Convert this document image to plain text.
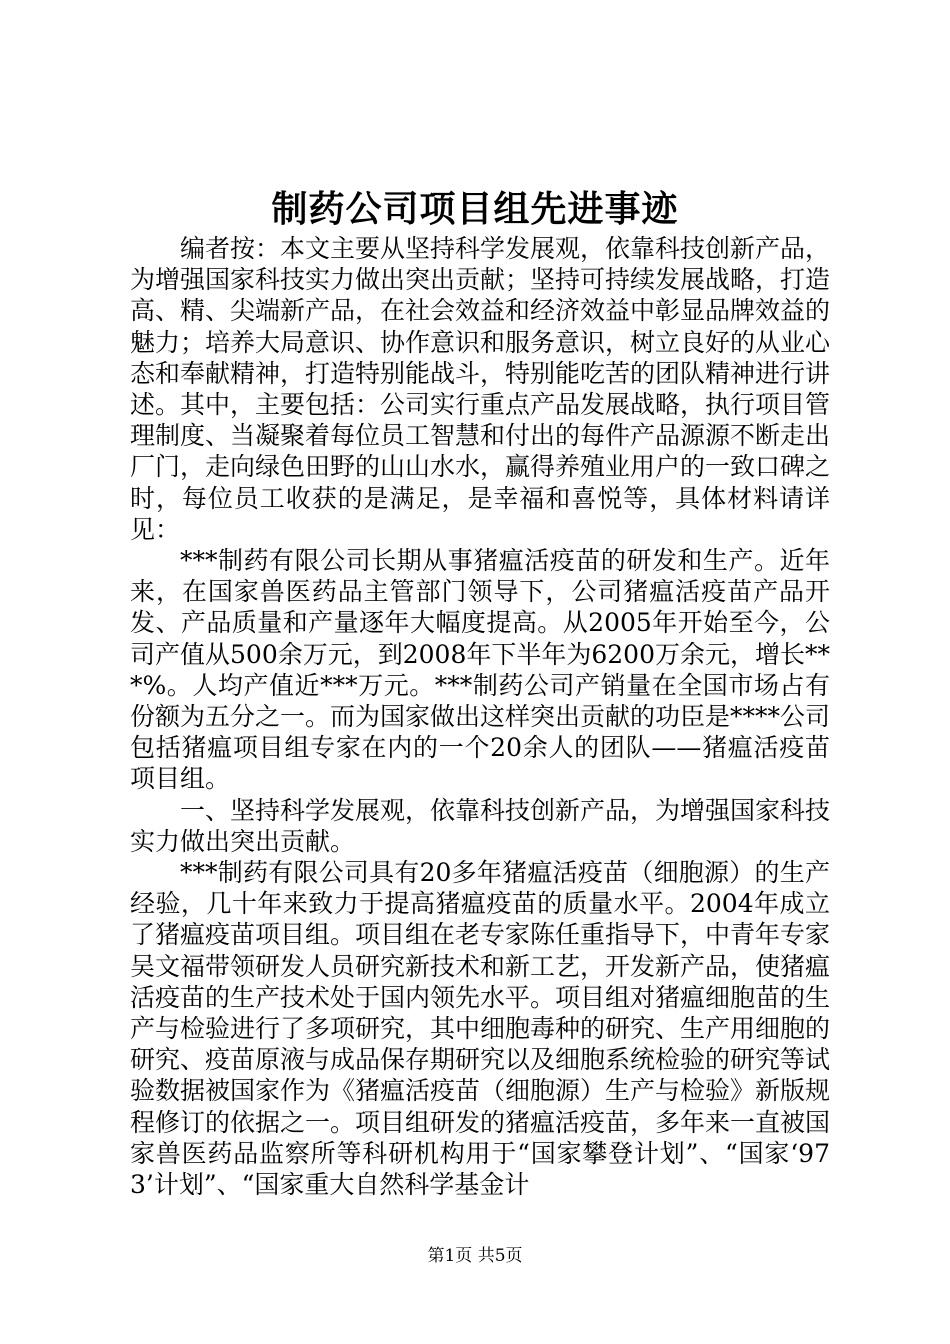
制药公司项目组先进事迹

编者按：本文主要从坚持科学发展观，依靠科技创新产品，为增强国家科技实力做出突出贡献；坚持可持续发展战略，打造高、精、尖端新产品，在社会效益和经济效益中彰显品牌效益的魅力；培养大局意识、协作意识和服务意识，树立良好的从业心态和奉献精神，打造特别能战斗，特别能吃苦的团队精神进行讲述。其中，主要包括：公司实行重点产品发展战略，执行项目管理制度、当凝聚着每位员工智慧和付出的每件产品源源不断走出厂门，走向绿色田野的山山水水，赢得养殖业用户的一致口碑之时，每位员工收获的是满足，是幸福和喜悦等，具体材料请详见：

***制药有限公司长期从事猪瘟活疫苗的研发和生产。近年来，在国家兽医药品主管部门领导下，公司猪瘟活疫苗产品开发、产品质量和产量逐年大幅度提高。从2005年开始至今，公司产值从500余万元，到2008年下半年为6200万余元，增长***%。人均产值近***万元。***制药公司产销量在全国市场占有份额为五分之一。而为国家做出这样突出贡献的功臣是****公司包括猪瘟项目组专家在内的一个20余人的团队——猪瘟活疫苗项目组。

一、坚持科学发展观，依靠科技创新产品，为增强国家科技实力做出突出贡献。

***制药有限公司具有20多年猪瘟活疫苗（细胞源）的生产经验，几十年来致力于提高猪瘟疫苗的质量水平。2004年成立了猪瘟疫苗项目组。项目组在老专家陈任重指导下，中青年专家吴文福带领研发人员研究新技术和新工艺，开发新产品，使猪瘟活疫苗的生产技术处于国内领先水平。项目组对猪瘟细胞苗的生产与检验进行了多项研究，其中细胞毒种的研究、生产用细胞的研究、疫苗原液与成品保存期研究以及细胞系统检验的研究等试验数据被国家作为《猪瘟活疫苗（细胞源）生产与检验》新版规程修订的依据之一。项目组研发的猪瘟活疫苗，多年来一直被国家兽医药品监察所等科研机构用于“国家攀登计划”、“国家‘973’计划”、“国家重大自然科学基金计

第1页 共5页
